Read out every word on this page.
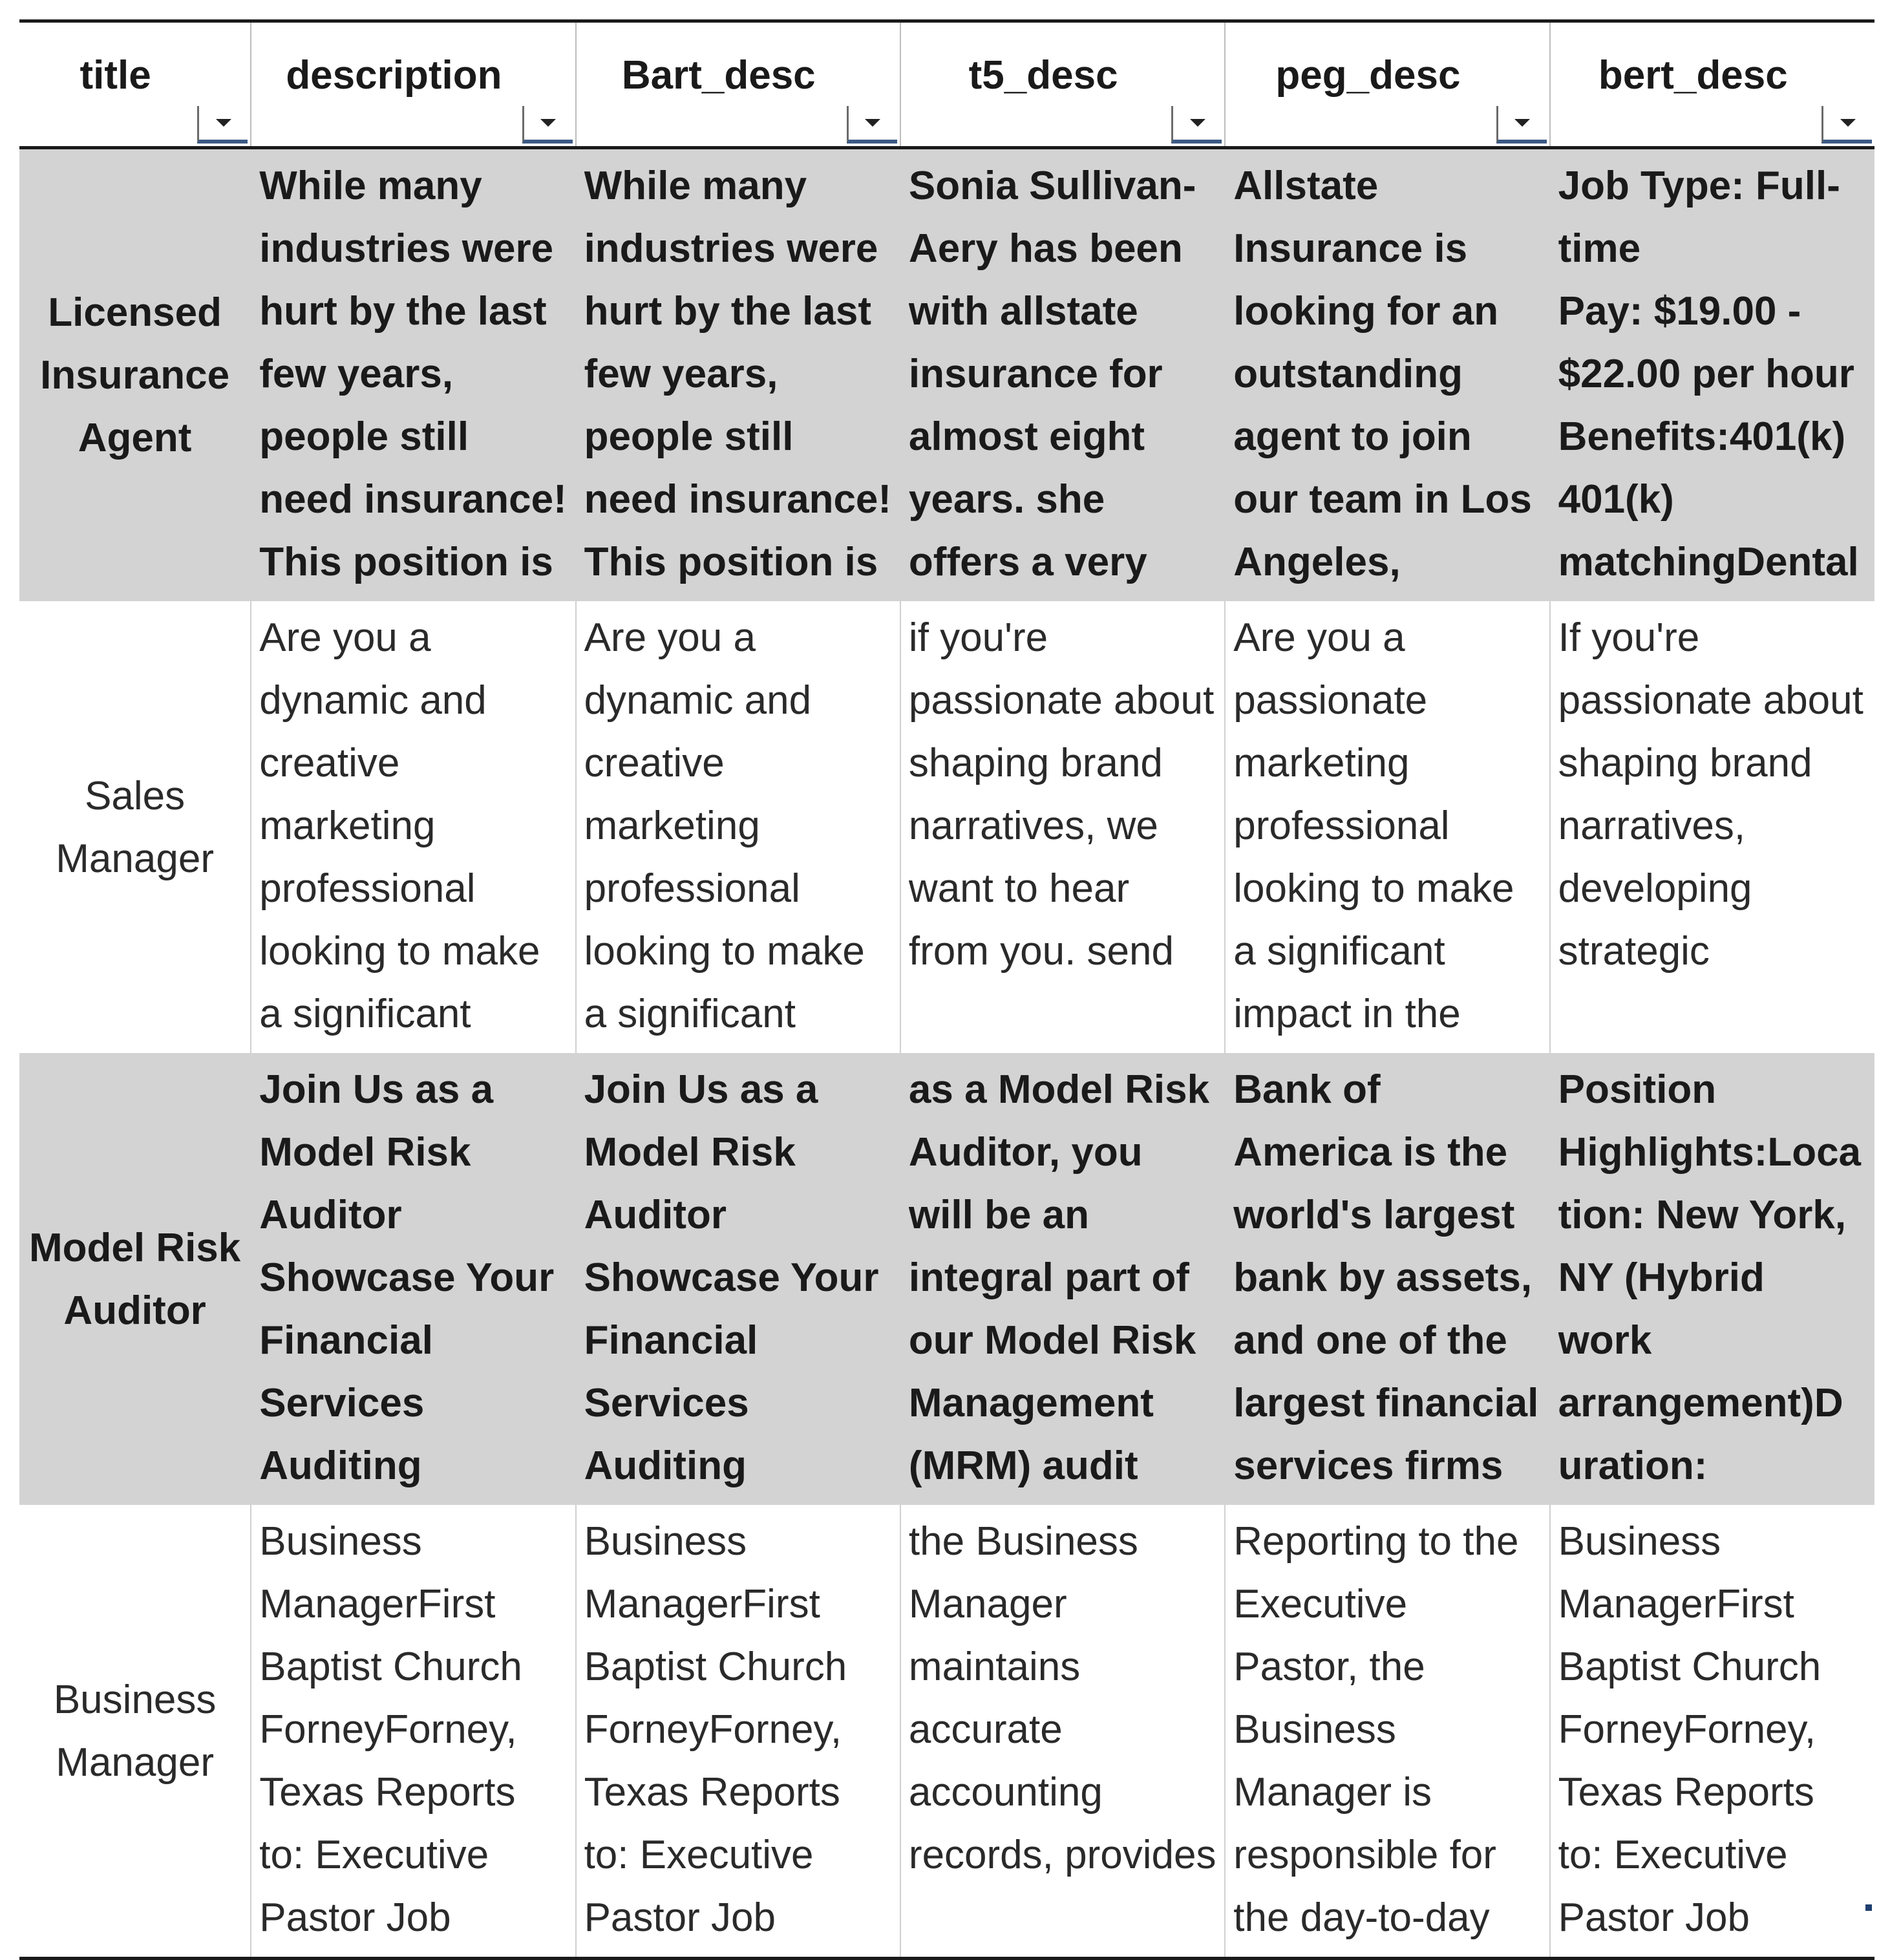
title	description	Bart_desc	t5_desc	peg_desc	bert_desc

Licensed Insurance Agent	While many industries were hurt by the last few years, people still need insurance! This position is	While many industries were hurt by the last few years, people still need insurance! This position is	Sonia Sullivan-Aery has been with allstate insurance for almost eight years. she offers a very	Allstate Insurance is looking for an outstanding agent to join our team in Los Angeles,	Job Type: Full-time
Pay: $19.00 - $22.00 per hour
Benefits:401(k)
401(k) matchingDental

Sales Manager	Are you a dynamic and creative marketing professional looking to make a significant	Are you a dynamic and creative marketing professional looking to make a significant	if you're passionate about shaping brand narratives, we want to hear from you. send	Are you a passionate marketing professional looking to make a significant impact in the	If you're passionate about shaping brand narratives, developing strategic

Model Risk Auditor	Join Us as a Model Risk Auditor Showcase Your Financial Services Auditing	Join Us as a Model Risk Auditor Showcase Your Financial Services Auditing	as a Model Risk Auditor, you will be an integral part of our Model Risk Management (MRM) audit	Bank of America is the world's largest bank by assets, and one of the largest financial services firms	Position Highlights:Loca tion: New York, NY (Hybrid work arrangement)D uration:

Business Manager	Business ManagerFirst Baptist Church ForneyForney, Texas Reports to: Executive Pastor Job	Business ManagerFirst Baptist Church ForneyForney, Texas Reports to: Executive Pastor Job	the Business Manager maintains accurate accounting records, provides	Reporting to the Executive Pastor, the Business Manager is responsible for the day-to-day	Business ManagerFirst Baptist Church ForneyForney, Texas Reports to: Executive Pastor Job
